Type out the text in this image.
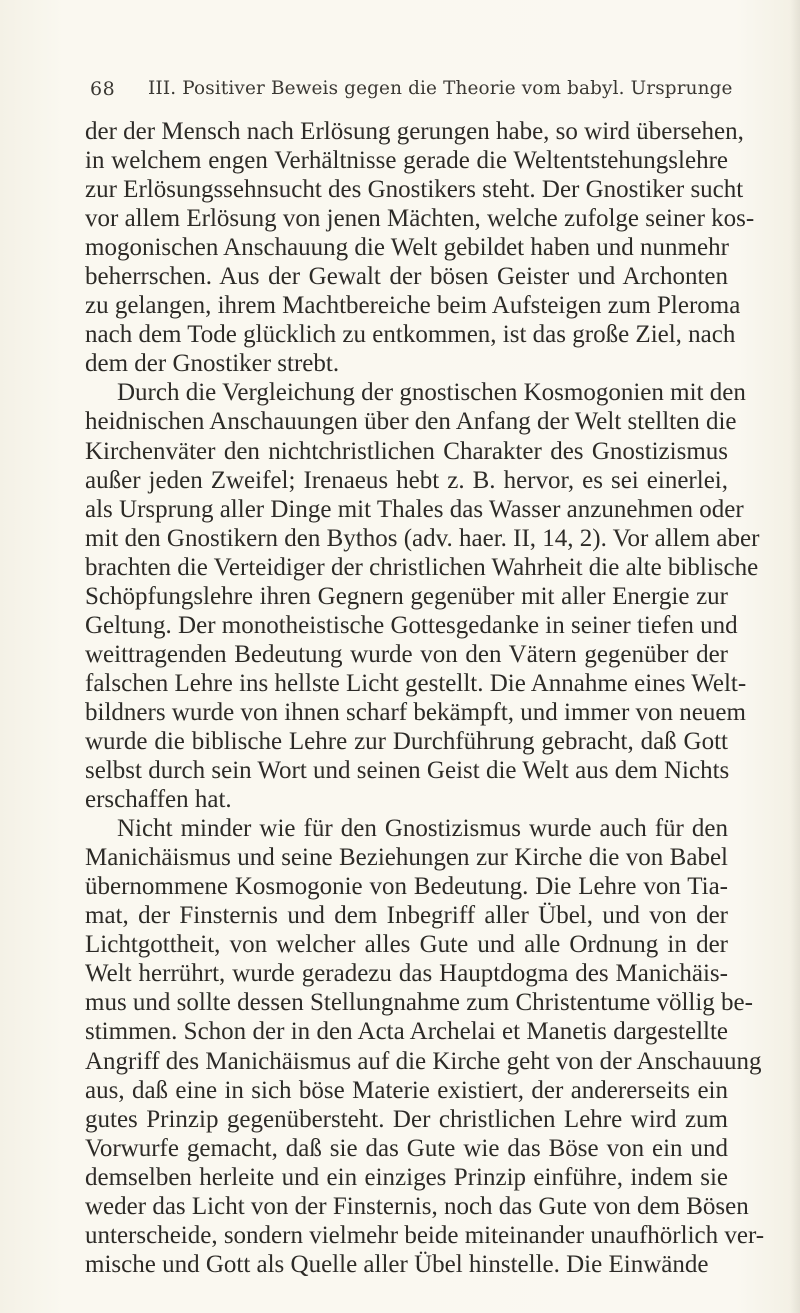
68 III. Positiver Beweis gegen die Theorie vom babyl. Ursprunge
der der Mensch nach Erlösung gerungen habe, so wird übersehen,
in welchem engen Verhältnisse gerade die Weltentstehungslehre
zur Erlösungssehnsucht des Gnostikers steht. Der Gnostiker sucht
vor allem Erlösung von jenen Mächten, welche zufolge seiner kos-
mogonischen Anschauung die Welt gebildet haben und nunmehr
beherrschen. Aus der Gewalt der bösen Geister und Archonten
zu gelangen, ihrem Machtbereiche beim Aufsteigen zum Pleroma
nach dem Tode glücklich zu entkommen, ist das große Ziel, nach
dem der Gnostiker strebt.
Durch die Vergleichung der gnostischen Kosmogonien mit den
heidnischen Anschauungen über den Anfang der Welt stellten die
Kirchenväter den nichtchristlichen Charakter des Gnostizismus
außer jeden Zweifel; Irenaeus hebt z. B. hervor, es sei einerlei,
als Ursprung aller Dinge mit Thales das Wasser anzunehmen oder
mit den Gnostikern den Bythos (adv. haer. II, 14, 2). Vor allem aber
brachten die Verteidiger der christlichen Wahrheit die alte biblische
Schöpfungslehre ihren Gegnern gegenüber mit aller Energie zur
Geltung. Der monotheistische Gottesgedanke in seiner tiefen und
weittragenden Bedeutung wurde von den Vätern gegenüber der
falschen Lehre ins hellste Licht gestellt. Die Annahme eines Welt-
bildners wurde von ihnen scharf bekämpft, und immer von neuem
wurde die biblische Lehre zur Durchführung gebracht, daß Gott
selbst durch sein Wort und seinen Geist die Welt aus dem Nichts
erschaffen hat.
Nicht minder wie für den Gnostizismus wurde auch für den
Manichäismus und seine Beziehungen zur Kirche die von Babel
übernommene Kosmogonie von Bedeutung. Die Lehre von Tia-
mat, der Finsternis und dem Inbegriff aller Übel, und von der
Lichtgottheit, von welcher alles Gute und alle Ordnung in der
Welt herrührt, wurde geradezu das Hauptdogma des Manichäis-
mus und sollte dessen Stellungnahme zum Christentume völlig be-
stimmen. Schon der in den Acta Archelai et Manetis dargestellte
Angriff des Manichäismus auf die Kirche geht von der Anschauung
aus, daß eine in sich böse Materie existiert, der andererseits ein
gutes Prinzip gegenübersteht. Der christlichen Lehre wird zum
Vorwurfe gemacht, daß sie das Gute wie das Böse von ein und
demselben herleite und ein einziges Prinzip einführe, indem sie
weder das Licht von der Finsternis, noch das Gute von dem Bösen
unterscheide, sondern vielmehr beide miteinander unaufhörlich ver-
mische und Gott als Quelle aller Übel hinstelle. Die Einwände
